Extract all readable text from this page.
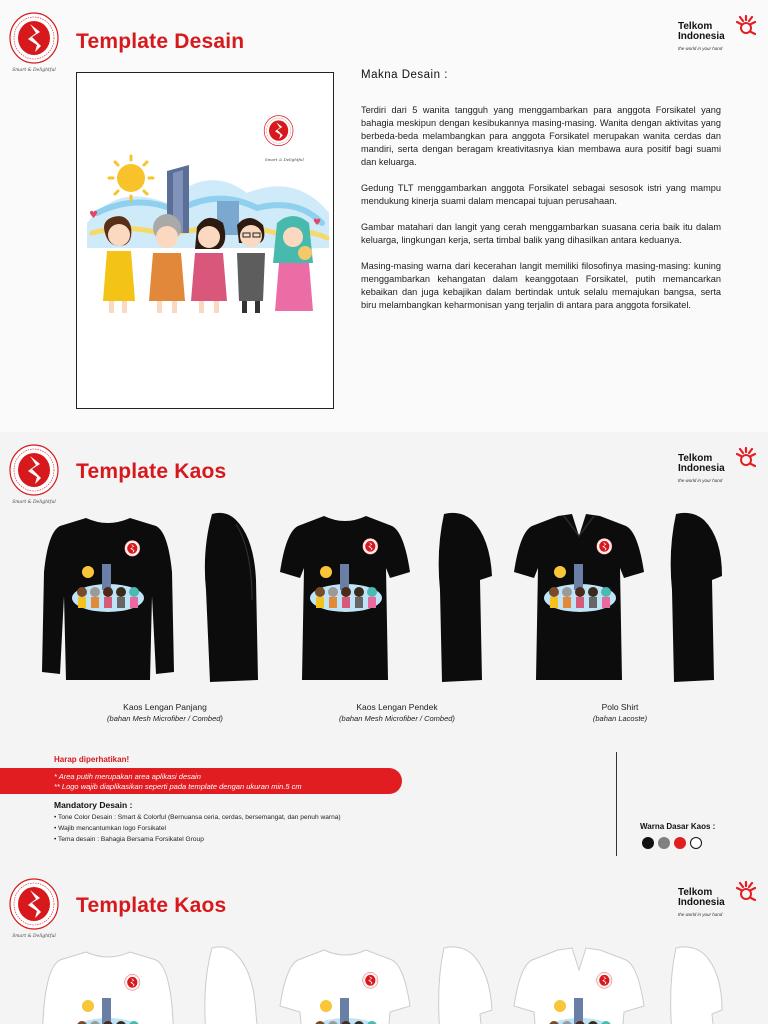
Smart & Delightful
Template Desain
Telkom
Indonesia
the world in your hand
Smart & Delightful
♥
♥
Makna Desain :

Terdiri dari 5 wanita tangguh yang menggambarkan para anggota Forsikatel yang bahagia meskipun dengan kesibukannya masing-masing. Wanita dengan aktivitas yang berbeda-beda melambangkan para anggota Forsikatel merupakan wanita cerdas dan mandiri, serta dengan beragam kreativitasnya kian membawa aura positif bagi suami dan keluarga.

Gedung TLT menggambarkan anggota Forsikatel sebagai sesosok istri yang mampu mendukung kinerja suami dalam mencapai tujuan perusahaan.

Gambar matahari dan langit yang cerah menggambarkan suasana ceria baik itu dalam keluarga, lingkungan kerja, serta timbal balik yang dihasilkan antara keduanya.

Masing-masing warna dari kecerahan langit memiliki filosofinya masing-masing: kuning menggambarkan kehangatan dalam keanggotaan Forsikatel, putih memancarkan kebaikan dan juga kebajikan dalam bertindak untuk selalu memajukan bangsa, serta biru melambangkan keharmonisan yang terjalin di antara para anggota forsikatel.

Smart & Delightful
Template Kaos
Telkom
Indonesia
the world in your hand
Kaos Lengan Panjang
(bahan Mesh Microfiber / Combed)
Kaos Lengan Pendek
(bahan Mesh Microfiber / Combed)
Polo Shirt
(bahan Lacoste)
Harap diperhatikan!
* Area putih merupakan area aplikasi desain
** Logo wajib diaplikasikan seperti pada template dengan ukuran min.5 cm
Mandatory Desain :
• Tone Color Desain : Smart & Colorful (Bernuansa ceria, cerdas, bersemangat, dan penuh warna)
• Wajib mencantumkan logo Forsikatel
• Tema desain : Bahagia Bersama Forsikatel Group
Warna Dasar Kaos :
Smart & Delightful
Template Kaos
Telkom
Indonesia
the world in your hand
